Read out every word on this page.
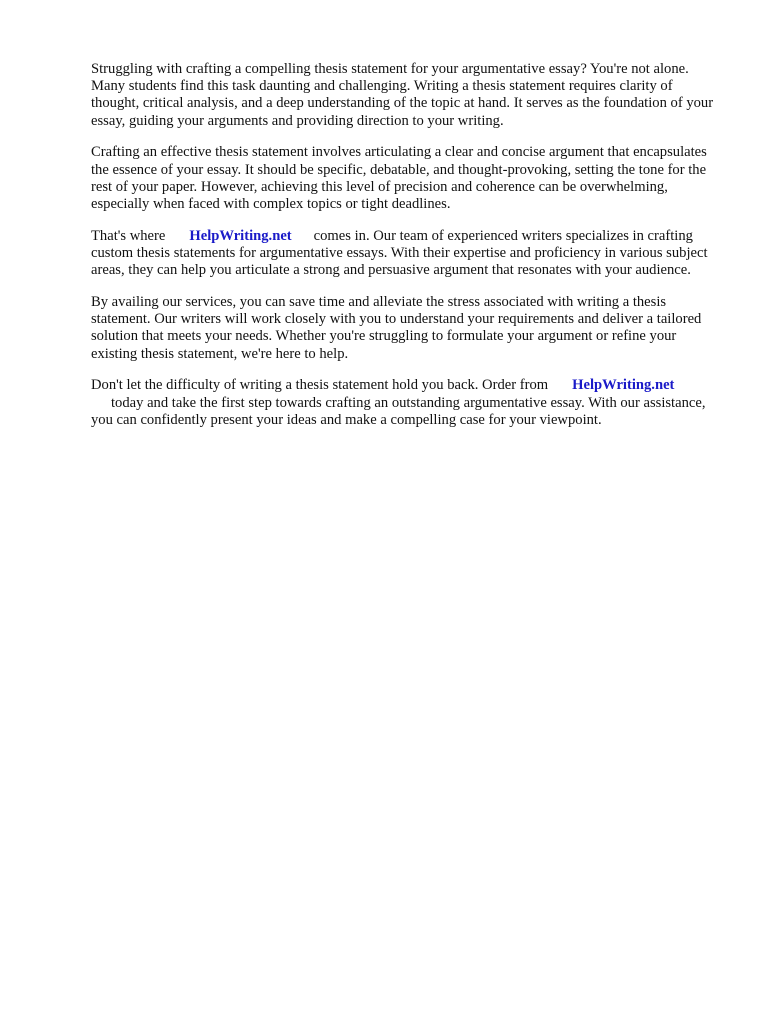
Struggling with crafting a compelling thesis statement for your argumentative essay? You're not alone. Many students find this task daunting and challenging. Writing a thesis statement requires clarity of thought, critical analysis, and a deep understanding of the topic at hand. It serves as the foundation of your essay, guiding your arguments and providing direction to your writing.

Crafting an effective thesis statement involves articulating a clear and concise argument that encapsulates the essence of your essay. It should be specific, debatable, and thought-provoking, setting the tone for the rest of your paper. However, achieving this level of precision and coherence can be overwhelming, especially when faced with complex topics or tight deadlines.

That's where HelpWriting.net comes in. Our team of experienced writers specializes in crafting custom thesis statements for argumentative essays. With their expertise and proficiency in various subject areas, they can help you articulate a strong and persuasive argument that resonates with your audience.

By availing our services, you can save time and alleviate the stress associated with writing a thesis statement. Our writers will work closely with you to understand your requirements and deliver a tailored solution that meets your needs. Whether you're struggling to formulate your argument or refine your existing thesis statement, we're here to help.

Don't let the difficulty of writing a thesis statement hold you back. Order from HelpWriting.net
today and take the first step towards crafting an outstanding argumentative essay. With our assistance, you can confidently present your ideas and make a compelling case for your viewpoint.
